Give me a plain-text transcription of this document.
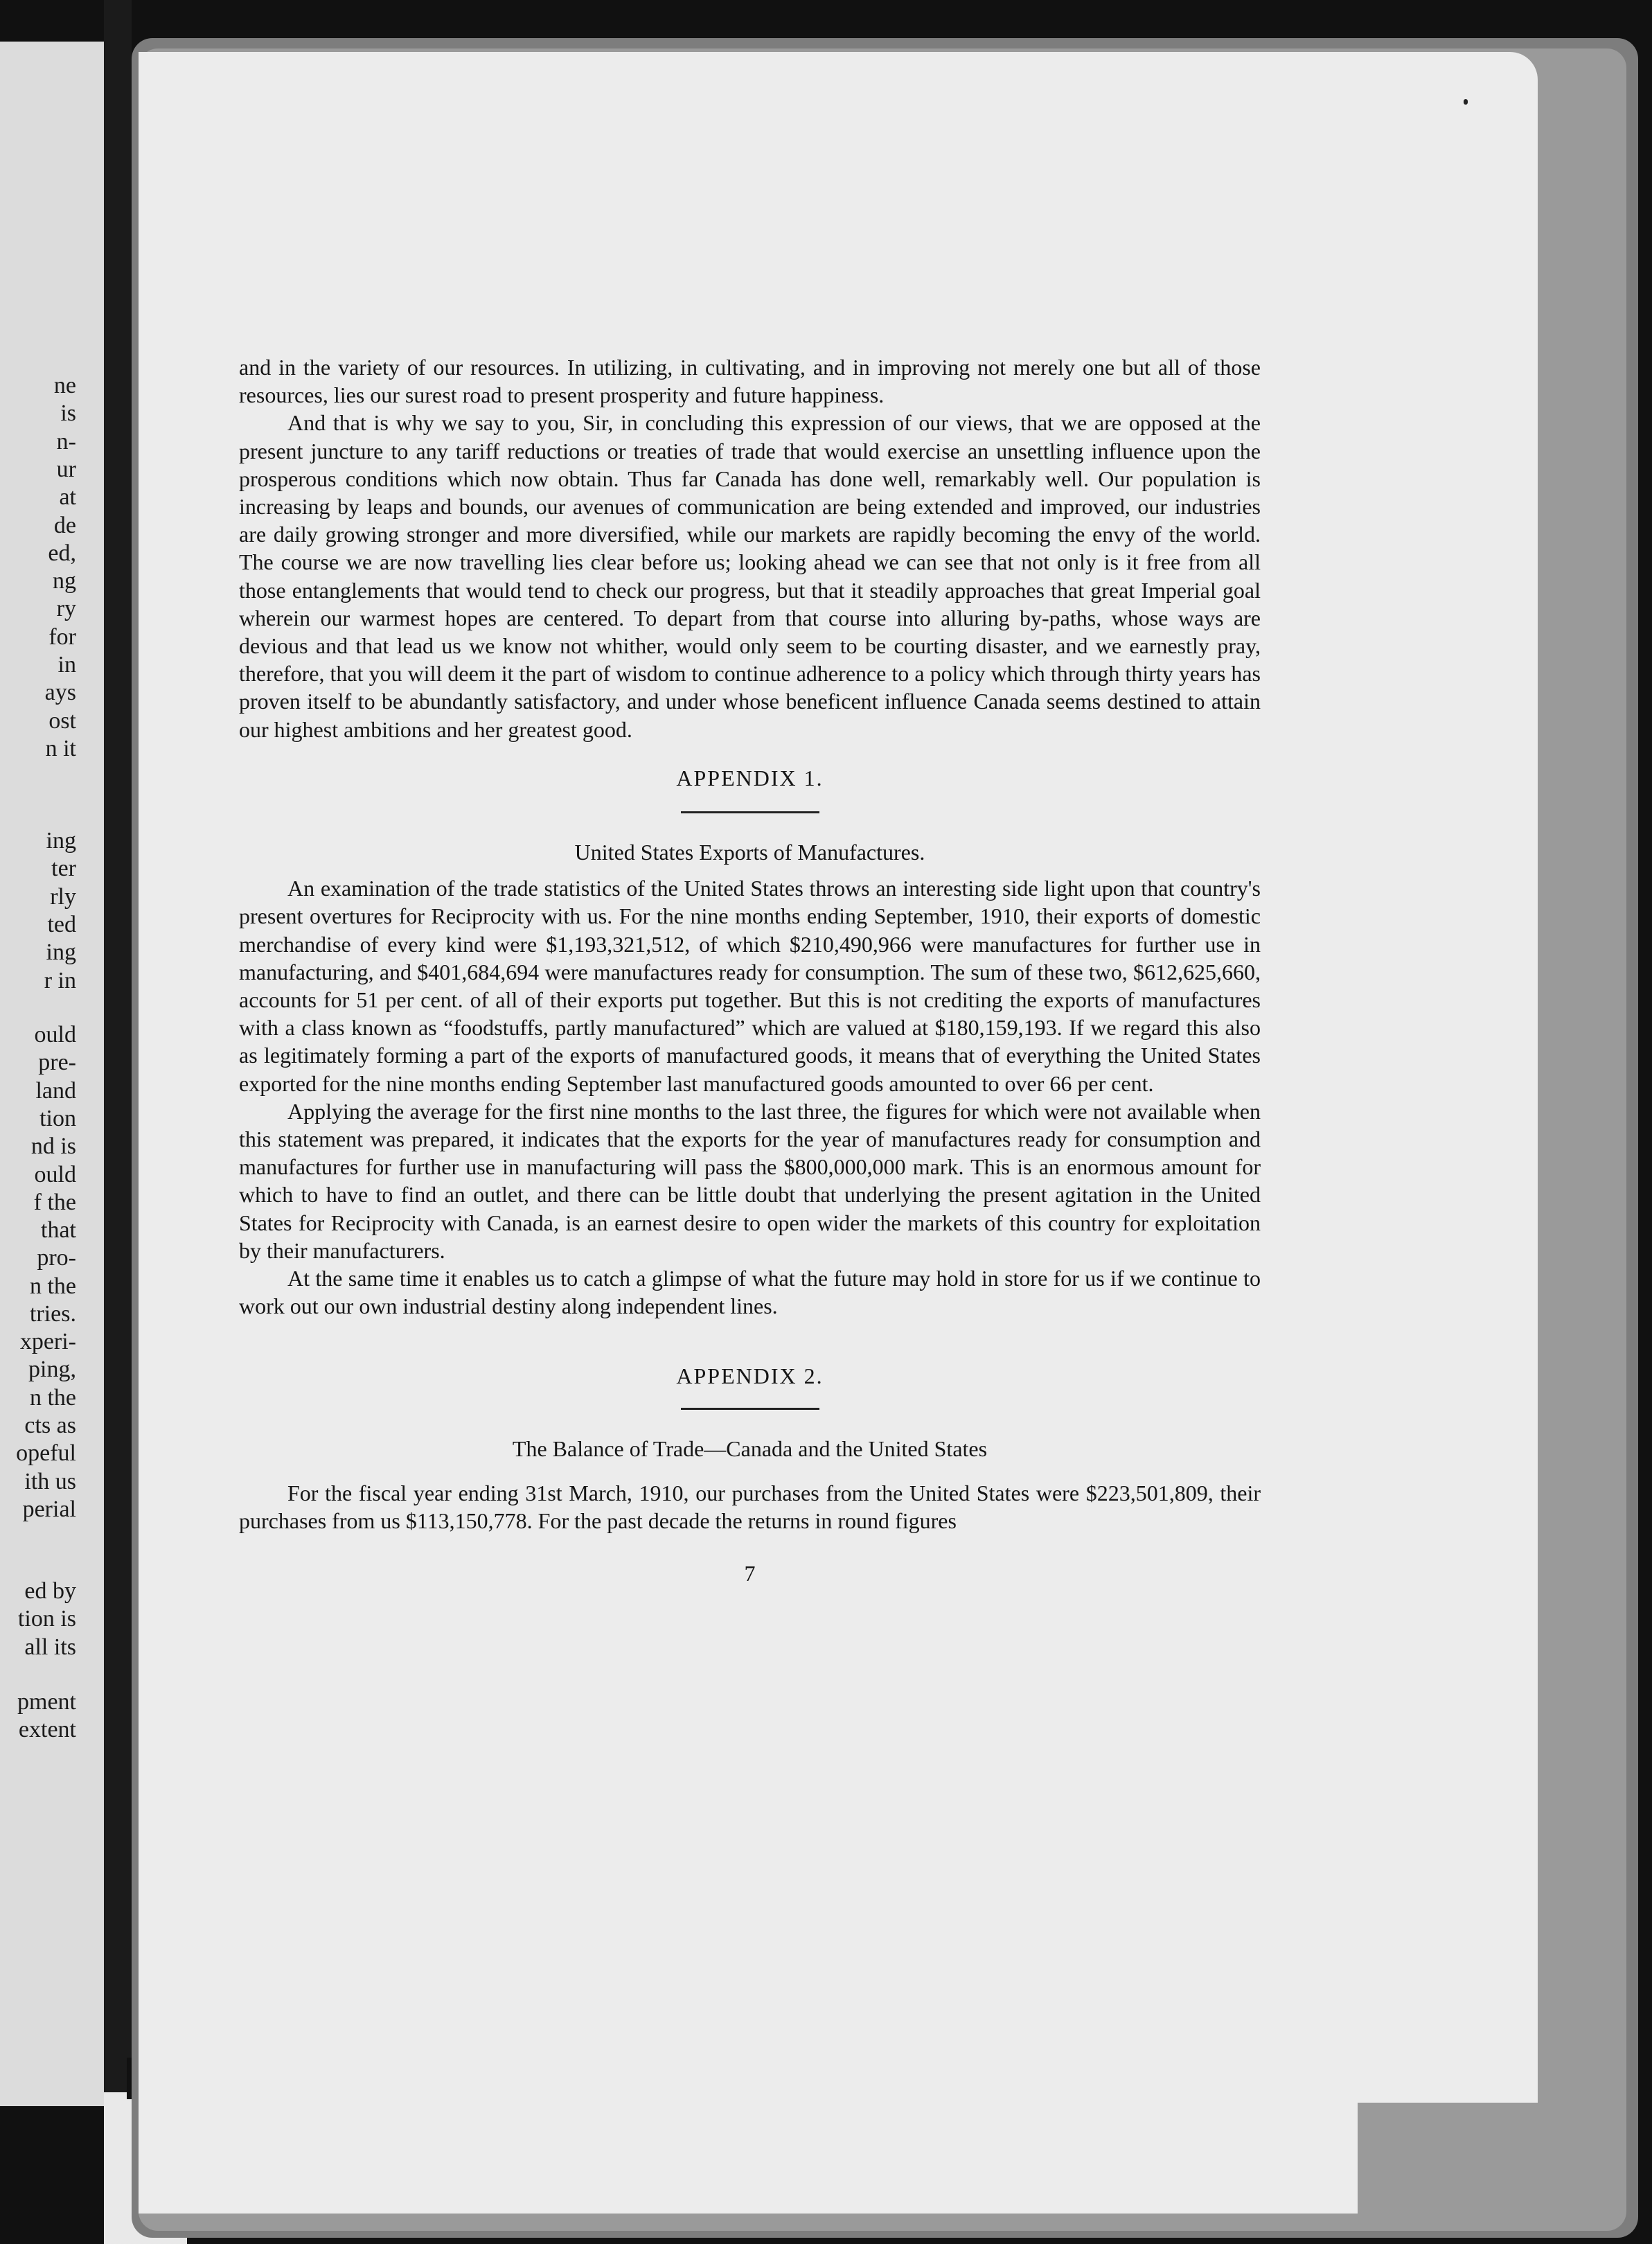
ne
is
n-
ur
at
de
ed,
ng
ry
for
in
ays
ost
n it
ing
ter
rly
ted
ing
r in
ould
pre-
land
tion
nd is
ould
f the
that
pro-
n the
tries.
xperi-
ping,
n the
cts as
opeful
ith us
perial
ed by
tion is
all its
pment
extent

and in the variety of our resources. In utilizing, in cultivating, and in improving not merely one but all of those resources, lies our surest road to present prosperity and future happiness.

And that is why we say to you, Sir, in concluding this expression of our views, that we are opposed at the present juncture to any tariff reductions or treaties of trade that would exercise an unsettling influence upon the prosperous conditions which now obtain. Thus far Canada has done well, remarkably well. Our population is increasing by leaps and bounds, our avenues of communication are being extended and improved, our industries are daily growing stronger and more diversified, while our markets are rapidly becoming the envy of the world. The course we are now travelling lies clear before us; looking ahead we can see that not only is it free from all those entanglements that would tend to check our progress, but that it steadily approaches that great Imperial goal wherein our warmest hopes are centered. To depart from that course into alluring by-paths, whose ways are devious and that lead us we know not whither, would only seem to be courting disaster, and we earnestly pray, therefore, that you will deem it the part of wisdom to continue adherence to a policy which through thirty years has proven itself to be abundantly satisfactory, and under whose beneficent influence Canada seems destined to attain our highest ambitions and her greatest good.

APPENDIX 1.

United States Exports of Manufactures.

An examination of the trade statistics of the United States throws an interesting side light upon that country's present overtures for Reciprocity with us. For the nine months ending September, 1910, their exports of domestic merchandise of every kind were $1,193,321,512, of which $210,490,966 were manufactures for further use in manufacturing, and $401,684,694 were manufactures ready for consumption. The sum of these two, $612,625,660, accounts for 51 per cent. of all of their exports put together. But this is not crediting the exports of manufactures with a class known as “foodstuffs, partly manufactured” which are valued at $180,159,193. If we regard this also as legitimately forming a part of the exports of manufactured goods, it means that of everything the United States exported for the nine months ending September last manufactured goods amounted to over 66 per cent.

Applying the average for the first nine months to the last three, the figures for which were not available when this statement was prepared, it indicates that the exports for the year of manufactures ready for consumption and manufactures for further use in manufacturing will pass the $800,000,000 mark. This is an enormous amount for which to have to find an outlet, and there can be little doubt that underlying the present agitation in the United States for Reciprocity with Canada, is an earnest desire to open wider the markets of this country for exploitation by their manufacturers.

At the same time it enables us to catch a glimpse of what the future may hold in store for us if we continue to work out our own industrial destiny along independent lines.

APPENDIX 2.

The Balance of Trade—Canada and the United States

For the fiscal year ending 31st March, 1910, our purchases from the United States were $223,501,809, their purchases from us $113,150,778. For the past decade the returns in round figures

7
